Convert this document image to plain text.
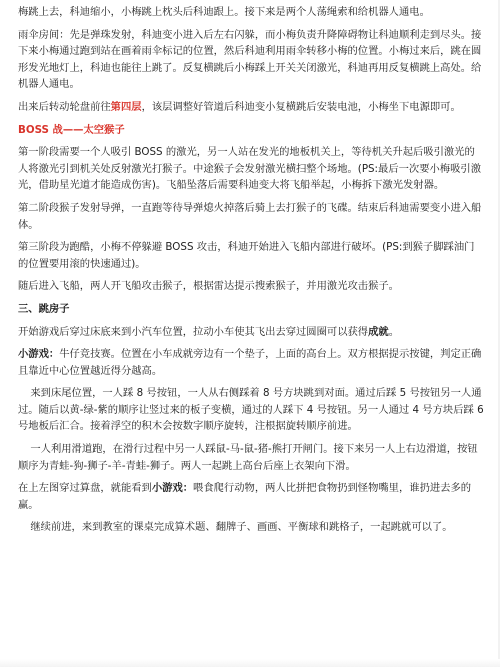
梅跳上去，科迪缩小，小梅跳上枕头后科迪跟上。接下来是两个人荡绳索和给机器人通电。

雨伞房间：先是弹珠发射，科迪变小进入后左右闪躲，而小梅负责升降障碍物让科迪顺利走到尽头。接下来小梅通过跑到站在画着雨伞标记的位置，然后科迪利用雨伞转移小梅的位置。小梅过来后，跳在圆形发光地灯上，科迪也能往上跳了。反复横跳后小梅踩上开关关闭激光，科迪再用反复横跳上高处。给机器人通电。

出来后转动轮盘前往第四层，该层调整好管道后科迪变小复横跳后安装电池，小梅坐下电源即可。

BOSS 战——太空猴子

第一阶段需要一个人吸引 BOSS 的激光，另一人站在发光的地板机关上，等待机关升起后吸引激光的人将激光引到机关处反射激光打猴子。中途猴子会发射激光横扫整个场地。(PS:最后一次要小梅吸引激光，借助星光道才能造成伤害)。飞船坠落后需要科迪变大将飞船举起，小梅拆下激光发射器。

第二阶段猴子发射导弹，一直跑等待导弹熄火掉落后骑上去打猴子的飞碟。结束后科迪需要变小进入船体。

第三阶段为跑酷，小梅不停躲避 BOSS 攻击，科迪开始进入飞船内部进行破坏。(PS:到猴子脚踩油门的位置要用滚的快速通过)。

随后进入飞船，两人开飞船攻击猴子，根据雷达提示搜索猴子，并用激光攻击猴子。

三、跳房子

开始游戏后穿过床底来到小汽车位置，拉动小车使其飞出去穿过圆圈可以获得成就。

小游戏：牛仔竞技赛。位置在小车成就旁边有一个垫子，上面的高台上。双方根据提示按键，判定正确且靠近中心位置越近得分越高。

来到床尾位置，一人踩 8 号按钮，一人从右侧踩着 8 号方块跳到对面。通过后踩 5 号按钮另一人通过。随后以黄-绿-紫的顺序让竖过来的板子变横，通过的人踩下 4 号按钮。另一人通过 4 号方块后踩 6 号地板后汇合。接着浮空的积木会按数字顺序旋转，注根据旋转顺序前进。

一人利用滑道跑，在滑行过程中另一人踩鼠-马-鼠-猪-熊打开闸门。接下来另一人上右边滑道，按钮顺序为青蛙-狗-狮子-羊-青蛙-狮子。两人一起跳上高台后座上衣架向下滑。

在上左图穿过算盘，就能看到小游戏：喂食爬行动物，两人比拼把食物扔到怪物嘴里，谁扔进去多的赢。

继续前进，来到教室的课桌完成算术题、翻牌子、画画、平衡球和跳格子，一起跳就可以了。
